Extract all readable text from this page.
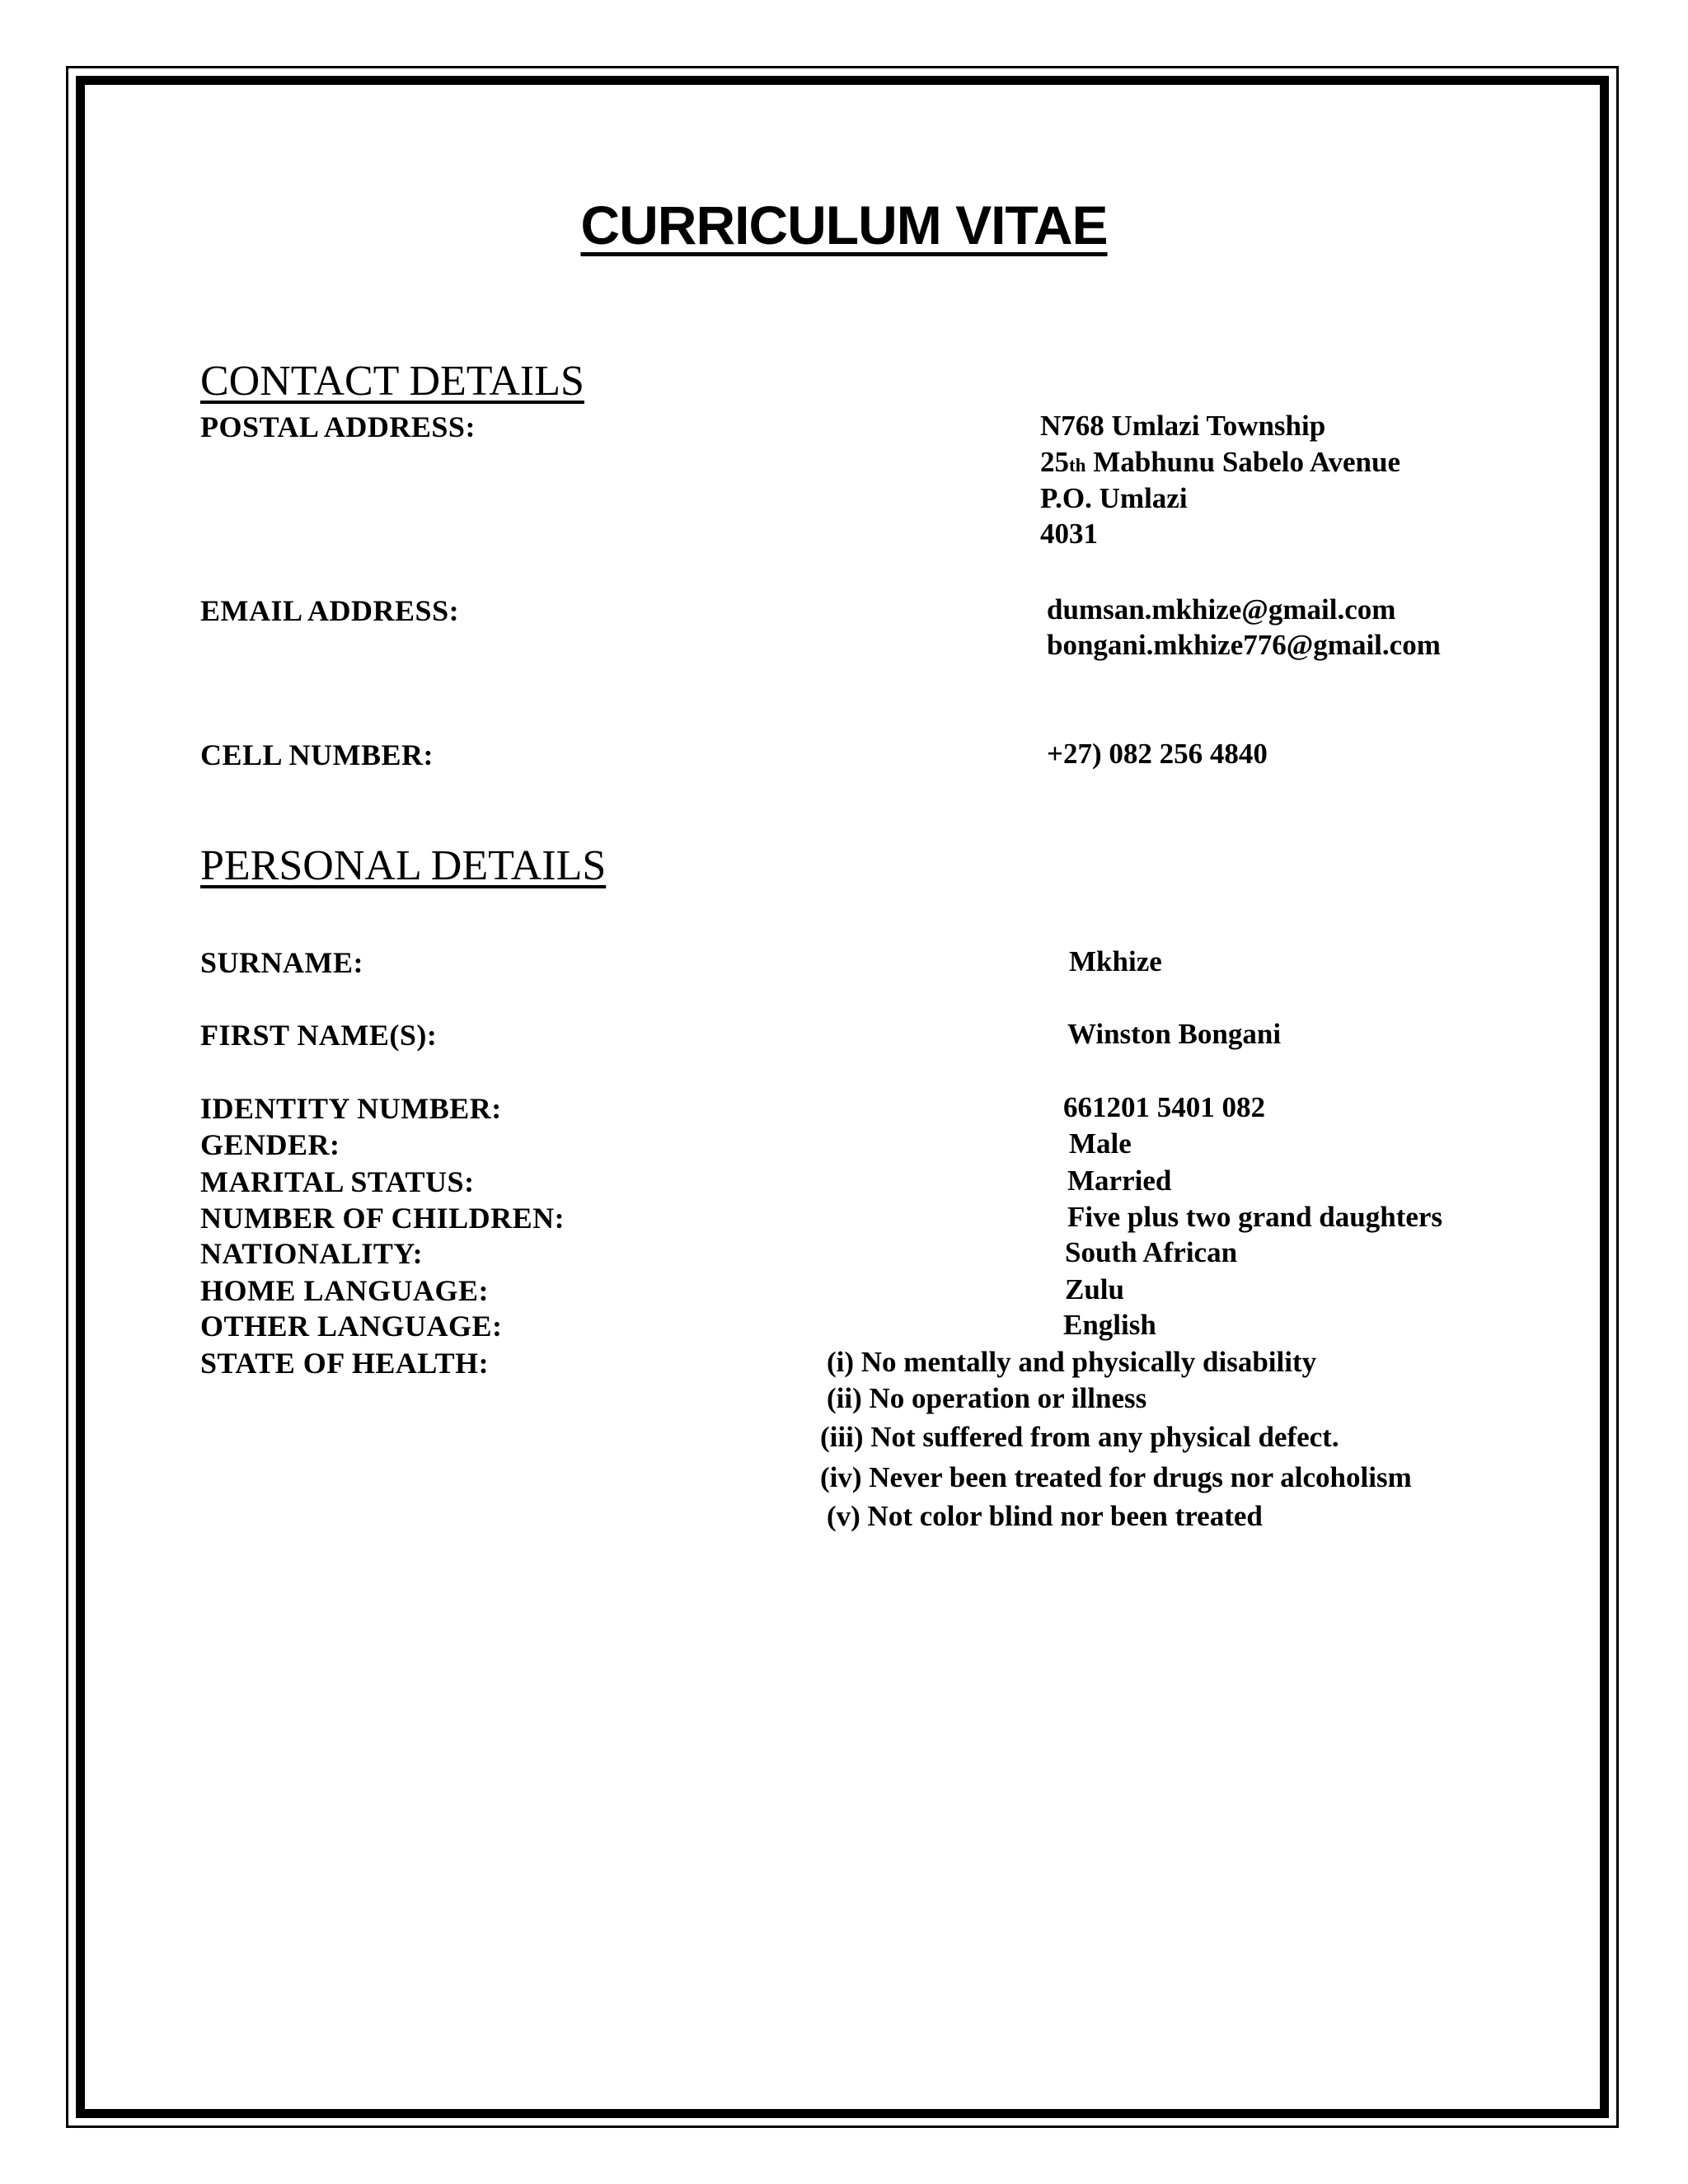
CURRICULUM VITAE
CONTACT DETAILS
POSTAL ADDRESS:	N768 Umlazi Township
25th Mabhunu Sabelo Avenue
P.O. Umlazi
4031
EMAIL ADDRESS:	dumsan.mkhize@gmail.com
bongani.mkhize776@gmail.com
CELL NUMBER:	+27) 082 256 4840
PERSONAL DETAILS
SURNAME:	Mkhize
FIRST NAME(S):	Winston Bongani
IDENTITY NUMBER:	661201 5401 082
GENDER:	Male
MARITAL STATUS:	Married
NUMBER OF CHILDREN:	Five plus two grand daughters
NATIONALITY:	South African
HOME LANGUAGE:	Zulu
OTHER LANGUAGE:	English
STATE OF HEALTH:	(i) No mentally and physically disability
(ii) No operation or illness
(iii) Not suffered from any physical defect.
(iv) Never been treated for drugs nor alcoholism
(v) Not color blind nor been treated
